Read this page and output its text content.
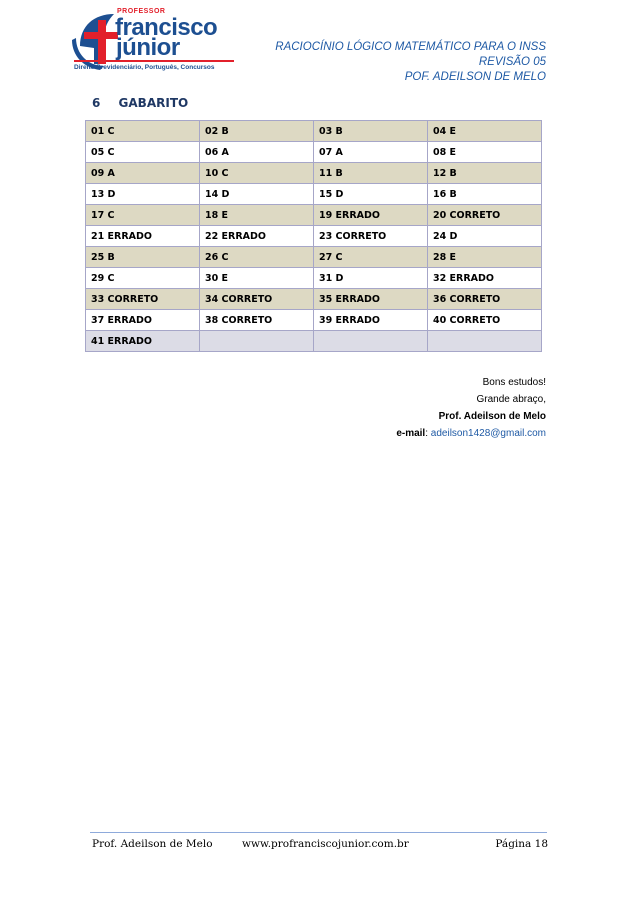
PROFESSOR
francisco
júnior
Direito Previdenciário, Português, Concursos
RACIOCÍNIO LÓGICO MATEMÁTICO PARA O INSS
REVISÃO 05
POF. ADEILSON DE MELO
6 GABARITO
01 C	02 B	03 B	04 E
05 C	06 A	07 A	08 E
09 A	10 C	11 B	12 B
13 D	14 D	15 D	16 B
17 C	18 E	19 ERRADO	20 CORRETO
21 ERRADO	22 ERRADO	23 CORRETO	24 D
25 B	26 C	27 C	28 E
29 C	30 E	31 D	32 ERRADO
33 CORRETO	34 CORRETO	35 ERRADO	36 CORRETO
37 ERRADO	38 CORRETO	39 ERRADO	40 CORRETO
41 ERRADO			
Bons estudos!
Grande abraço,
Prof. Adeilson de Melo
e-mail: adeilson1428@gmail.com
Prof. Adeilson de Melo	www.profranciscojunior.com.br	Página 18
